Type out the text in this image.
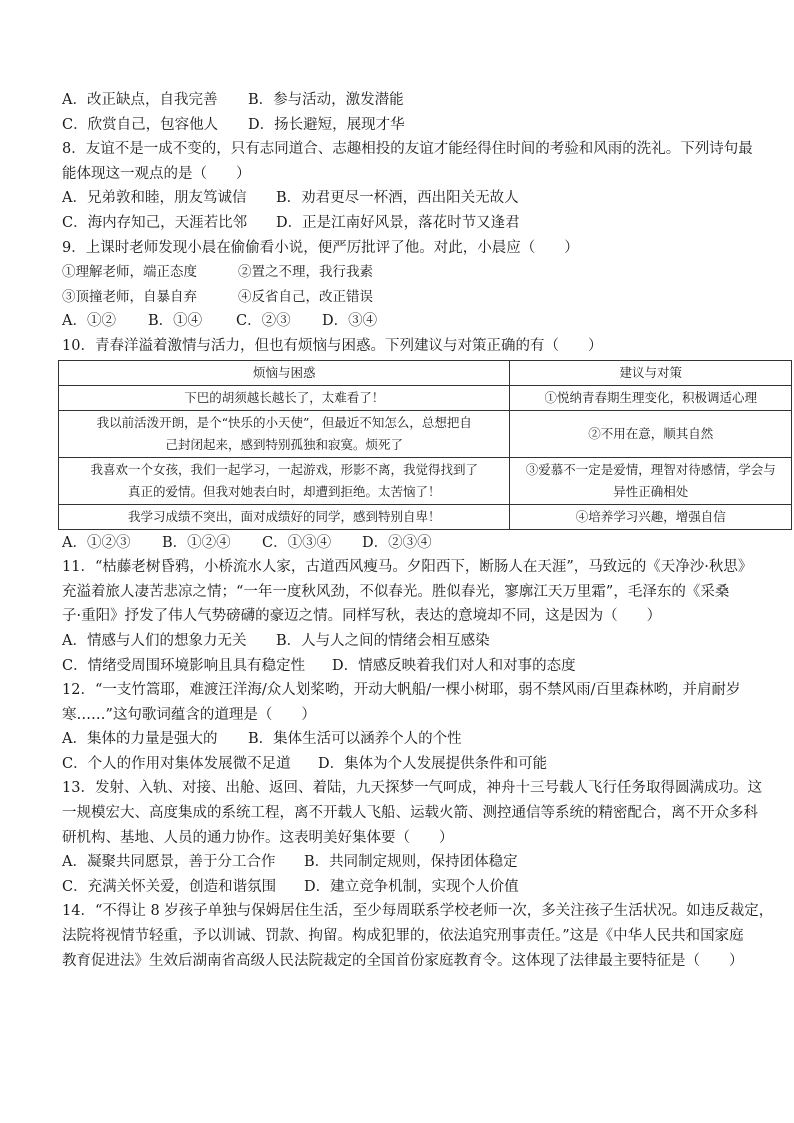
A．改正缺点，自我完善 B．参与活动，激发潜能
C．欣赏自己，包容他人 D．扬长避短，展现才华
8．友谊不是一成不变的，只有志同道合、志趣相投的友谊才能经得住时间的考验和风雨的洗礼。下列诗句最
能体现这一观点的是（　　）
A．兄弟敦和睦，朋友笃诚信 B．劝君更尽一杯酒，西出阳关无故人
C．海内存知己，天涯若比邻 D．正是江南好风景，落花时节又逢君
9．上课时老师发现小晨在偷偷看小说，便严厉批评了他。对此，小晨应（　　）
①理解老师，端正态度	②置之不理，我行我素
③顶撞老师，自暴自弃	④反省自己，改正错误
A．①② B．①④ C．②③ D．③④
10．青春洋溢着激情与活力，但也有烦恼与困惑。下列建议与对策正确的有（　　）
烦恼与困惑	建议与对策
下巴的胡须越长越长了，太难看了！	①悦纳青春期生理变化，积极调适心理
我以前活泼开朗，是个“快乐的小天使”，但最近不知怎么，总想把自己封闭起来，感到特别孤独和寂寞。烦死了	②不用在意，顺其自然
我喜欢一个女孩，我们一起学习，一起游戏，形影不离，我觉得找到了真正的爱情。但我对她表白时，却遭到拒绝。太苦恼了！	③爱慕不一定是爱情，理智对待感情，学会与异性正确相处
我学习成绩不突出，面对成绩好的同学，感到特别自卑！	④培养学习兴趣，增强自信
A．①②③ B．①②④ C．①③④ D．②③④
11．“枯藤老树昏鸦，小桥流水人家，古道西风瘦马。夕阳西下，断肠人在天涯”，马致远的《天净沙·秋思》
充溢着旅人凄苦悲凉之情；“一年一度秋风劲，不似春光。胜似春光，寥廓江天万里霜”，毛泽东的《采桑
子·重阳》抒发了伟人气势磅礴的豪迈之情。同样写秋，表达的意境却不同，这是因为（　　）
A．情感与人们的想象力无关 B．人与人之间的情绪会相互感染
C．情绪受周围环境影响且具有稳定性 D．情感反映着我们对人和对事的态度
12．“一支竹篙耶，难渡汪洋海/众人划桨哟，开动大帆船/一棵小树耶，弱不禁风雨/百里森林哟，并肩耐岁
寒……”这句歌词蕴含的道理是（　　）
A．集体的力量是强大的 B．集体生活可以涵养个人的个性
C．个人的作用对集体发展微不足道 D．集体为个人发展提供条件和可能
13．发射、入轨、对接、出舱、返回、着陆，九天探梦一气呵成，神舟十三号载人飞行任务取得圆满成功。这
一规模宏大、高度集成的系统工程，离不开载人飞船、运载火箭、测控通信等系统的精密配合，离不开众多科
研机构、基地、人员的通力协作。这表明美好集体要（　　）
A．凝聚共同愿景，善于分工合作 B．共同制定规则，保持团体稳定
C．充满关怀关爱，创造和谐氛围 D．建立竞争机制，实现个人价值
14．“不得让 8 岁孩子单独与保姆居住生活，至少每周联系学校老师一次，多关注孩子生活状况。如违反裁定，
法院将视情节轻重，予以训诫、罚款、拘留。构成犯罪的，依法追究刑事责任。”这是《中华人民共和国家庭
教育促进法》生效后湖南省高级人民法院裁定的全国首份家庭教育令。这体现了法律最主要特征是（　　）
